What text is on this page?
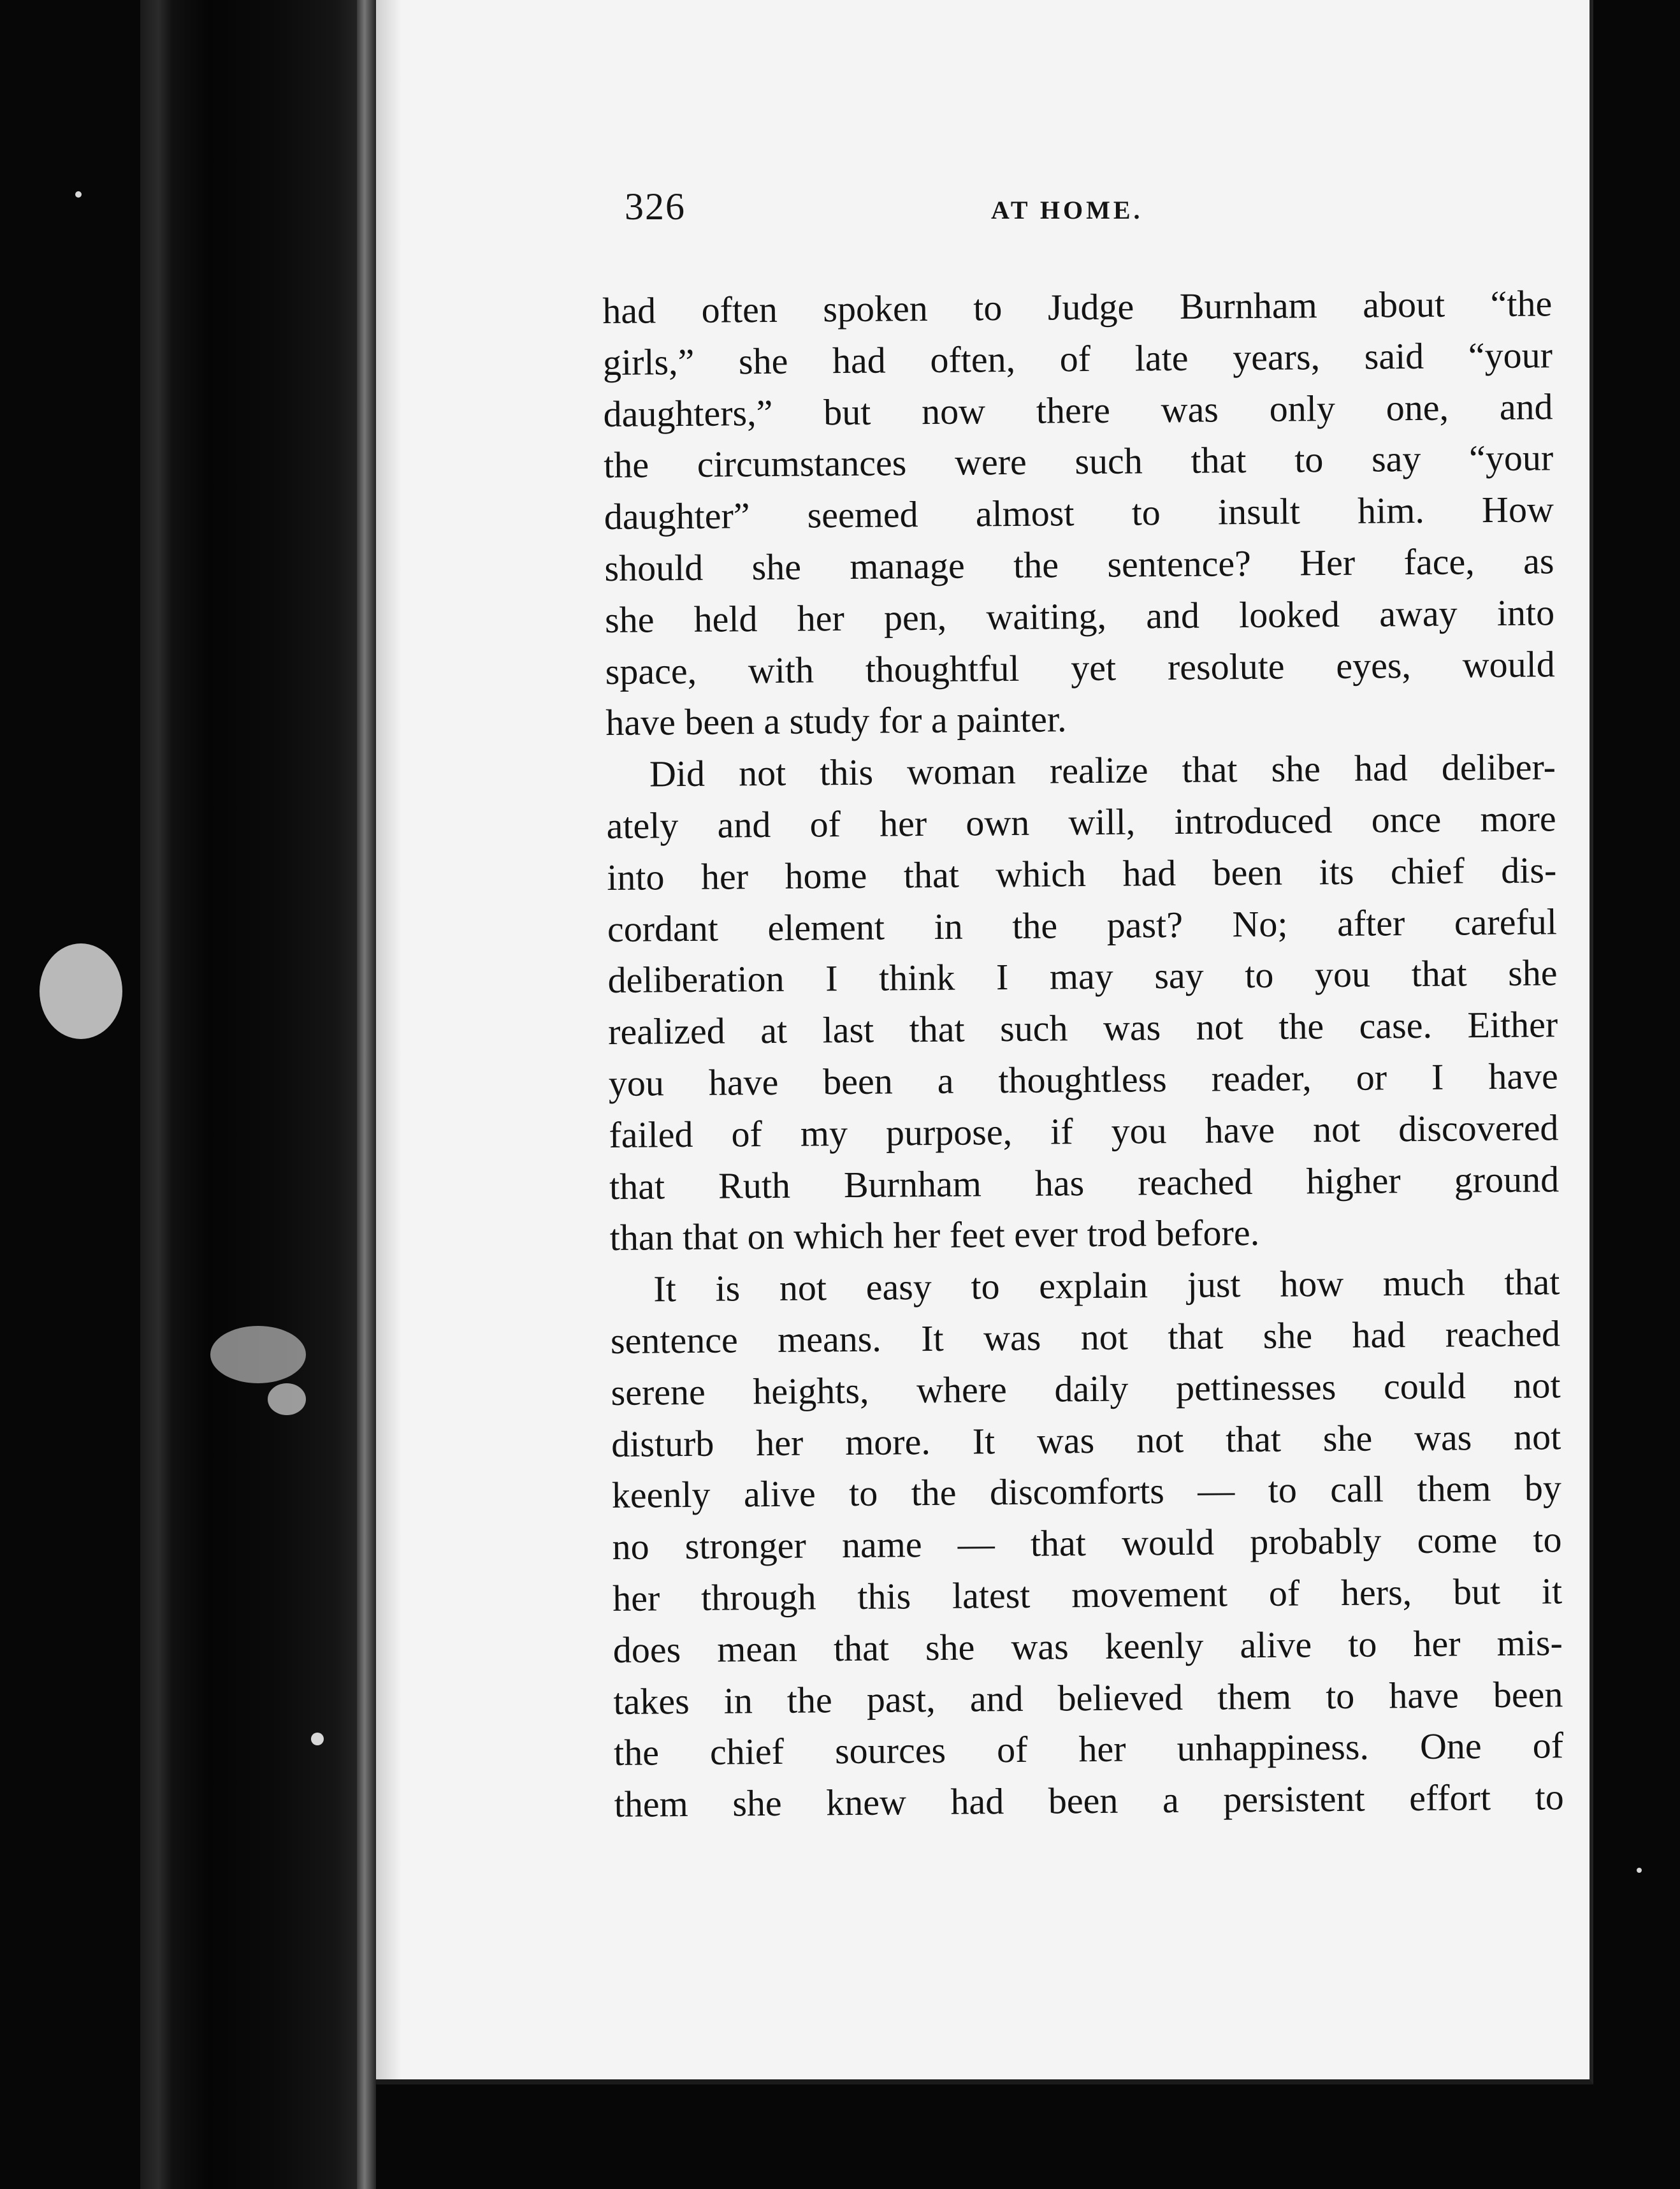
326	AT HOME.
had often spoken to Judge Burnham about “the
girls,” she had often, of late years, said “your
daughters,” but now there was only one, and
the circumstances were such that to say “your
daughter” seemed almost to insult him. How
should she manage the sentence? Her face, as
she held her pen, waiting, and looked away into
space, with thoughtful yet resolute eyes, would
have been a study for a painter.
Did not this woman realize that she had deliber-
ately and of her own will, introduced once more
into her home that which had been its chief dis-
cordant element in the past? No; after careful
deliberation I think I may say to you that she
realized at last that such was not the case. Either
you have been a thoughtless reader, or I have
failed of my purpose, if you have not discovered
that Ruth Burnham has reached higher ground
than that on which her feet ever trod before.
It is not easy to explain just how much that
sentence means. It was not that she had reached
serene heights, where daily pettinesses could not
disturb her more. It was not that she was not
keenly alive to the discomforts — to call them by
no stronger name — that would probably come to
her through this latest movement of hers, but it
does mean that she was keenly alive to her mis-
takes in the past, and believed them to have been
the chief sources of her unhappiness. One of
them she knew had been a persistent effort to
